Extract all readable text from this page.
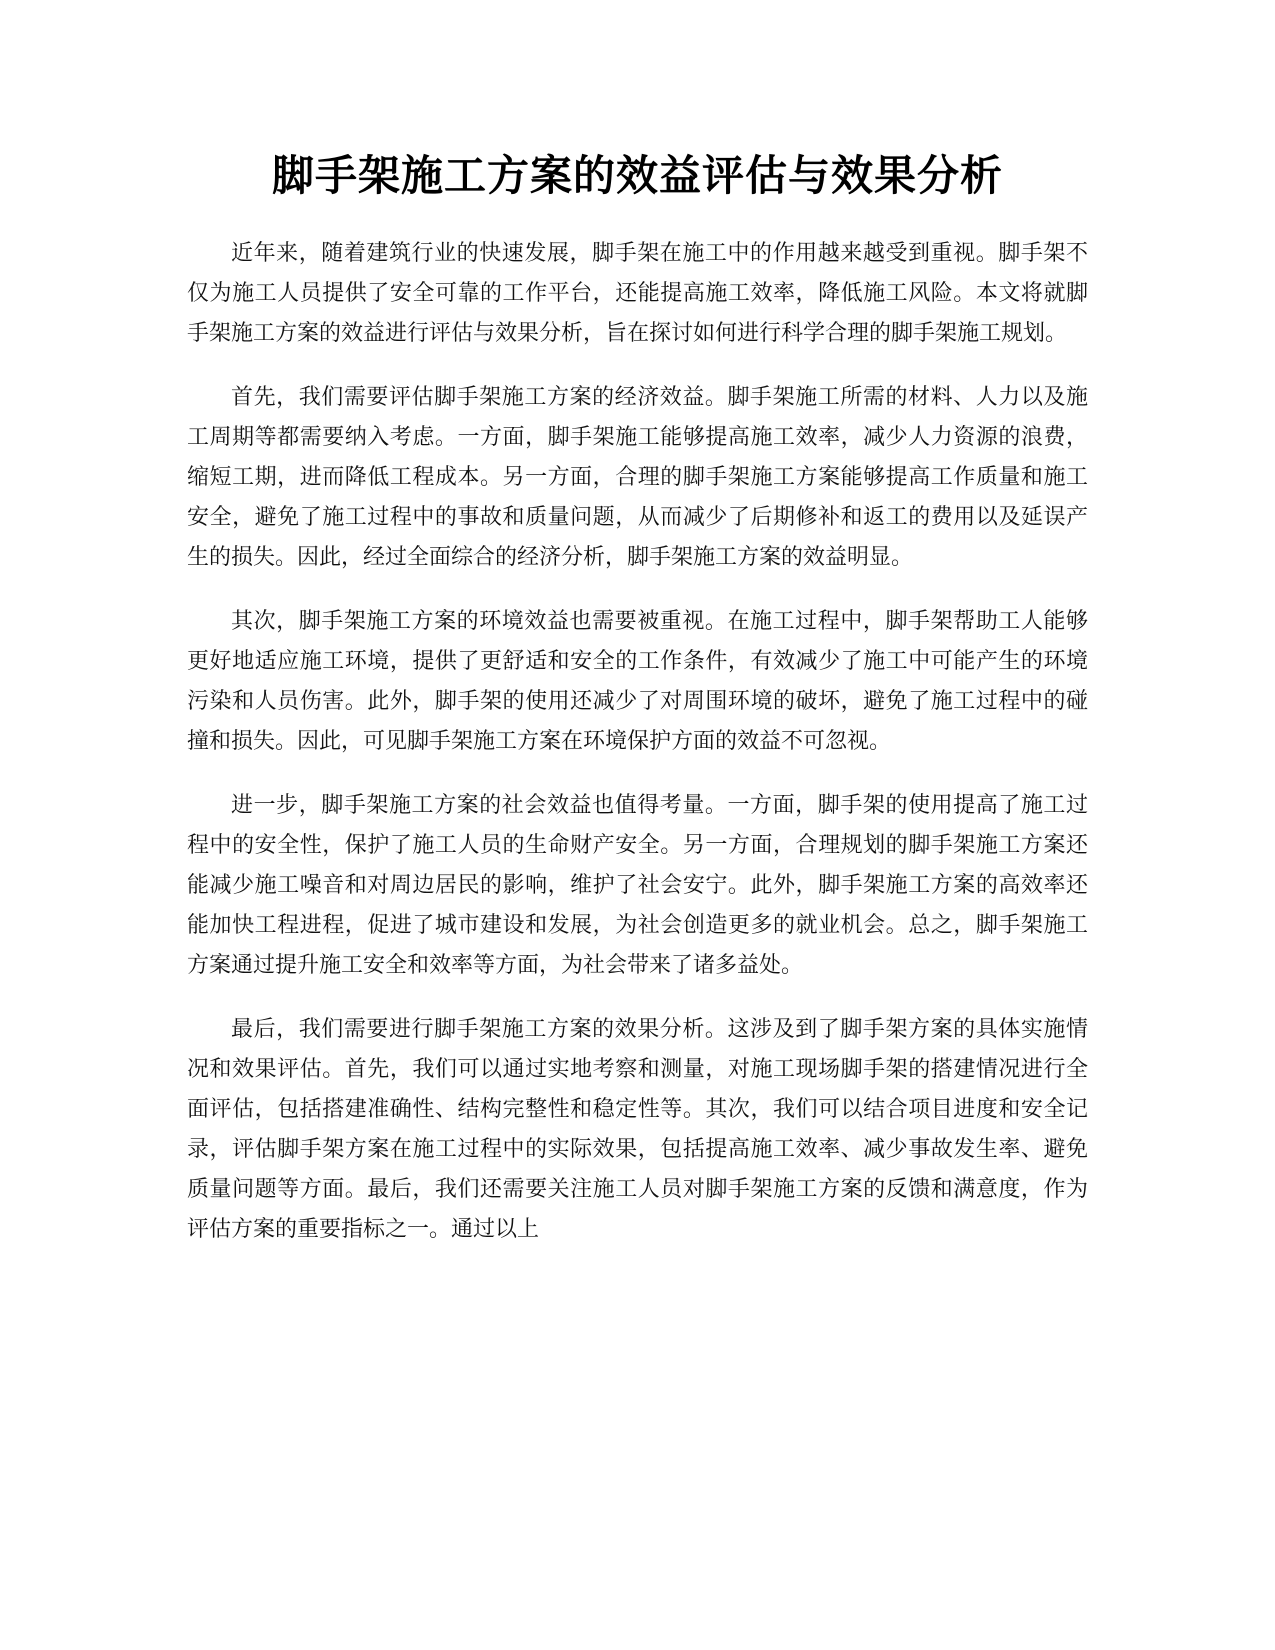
脚手架施工方案的效益评估与效果分析

近年来，随着建筑行业的快速发展，脚手架在施工中的作用越来越受到重视。脚手架不仅为施工人员提供了安全可靠的工作平台，还能提高施工效率，降低施工风险。本文将就脚手架施工方案的效益进行评估与效果分析，旨在探讨如何进行科学合理的脚手架施工规划。

首先，我们需要评估脚手架施工方案的经济效益。脚手架施工所需的材料、人力以及施工周期等都需要纳入考虑。一方面，脚手架施工能够提高施工效率，减少人力资源的浪费，缩短工期，进而降低工程成本。另一方面，合理的脚手架施工方案能够提高工作质量和施工安全，避免了施工过程中的事故和质量问题，从而减少了后期修补和返工的费用以及延误产生的损失。因此，经过全面综合的经济分析，脚手架施工方案的效益明显。

其次，脚手架施工方案的环境效益也需要被重视。在施工过程中，脚手架帮助工人能够更好地适应施工环境，提供了更舒适和安全的工作条件，有效减少了施工中可能产生的环境污染和人员伤害。此外，脚手架的使用还减少了对周围环境的破坏，避免了施工过程中的碰撞和损失。因此，可见脚手架施工方案在环境保护方面的效益不可忽视。

进一步，脚手架施工方案的社会效益也值得考量。一方面，脚手架的使用提高了施工过程中的安全性，保护了施工人员的生命财产安全。另一方面，合理规划的脚手架施工方案还能减少施工噪音和对周边居民的影响，维护了社会安宁。此外，脚手架施工方案的高效率还能加快工程进程，促进了城市建设和发展，为社会创造更多的就业机会。总之，脚手架施工方案通过提升施工安全和效率等方面，为社会带来了诸多益处。

最后，我们需要进行脚手架施工方案的效果分析。这涉及到了脚手架方案的具体实施情况和效果评估。首先，我们可以通过实地考察和测量，对施工现场脚手架的搭建情况进行全面评估，包括搭建准确性、结构完整性和稳定性等。其次，我们可以结合项目进度和安全记录，评估脚手架方案在施工过程中的实际效果，包括提高施工效率、减少事故发生率、避免质量问题等方面。最后，我们还需要关注施工人员对脚手架施工方案的反馈和满意度，作为评估方案的重要指标之一。通过以上
